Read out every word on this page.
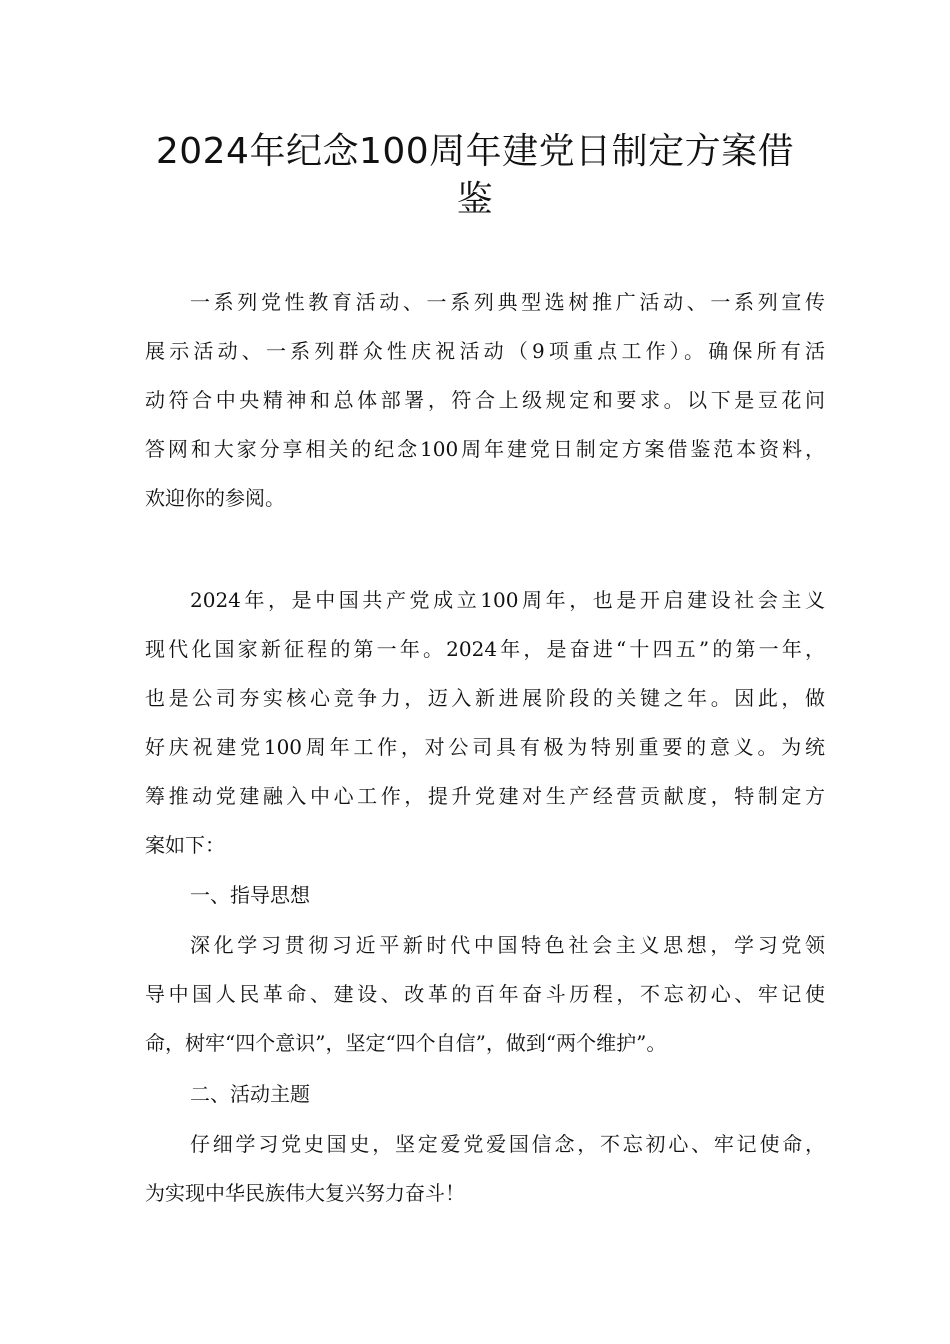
2024年纪念100周年建党日制定方案借
鉴
一系列党性教育活动、一系列典型选树推广活动、一系列宣传
展示活动、一系列群众性庆祝活动（9项重点工作）。确保所有活
动符合中央精神和总体部署，符合上级规定和要求。以下是豆花问
答网和大家分享相关的纪念100周年建党日制定方案借鉴范本资料，
欢迎你的参阅。
2024年，是中国共产党成立100周年，也是开启建设社会主义
现代化国家新征程的第一年。2024年，是奋进“十四五”的第一年，
也是公司夯实核心竞争力，迈入新进展阶段的关键之年。因此，做
好庆祝建党100周年工作，对公司具有极为特别重要的意义。为统
筹推动党建融入中心工作，提升党建对生产经营贡献度，特制定方
案如下：
一、指导思想
深化学习贯彻习近平新时代中国特色社会主义思想，学习党领
导中国人民革命、建设、改革的百年奋斗历程，不忘初心、牢记使
命，树牢“四个意识”，坚定“四个自信”，做到“两个维护”。
二、活动主题
仔细学习党史国史，坚定爱党爱国信念，不忘初心、牢记使命，
为实现中华民族伟大复兴努力奋斗！
